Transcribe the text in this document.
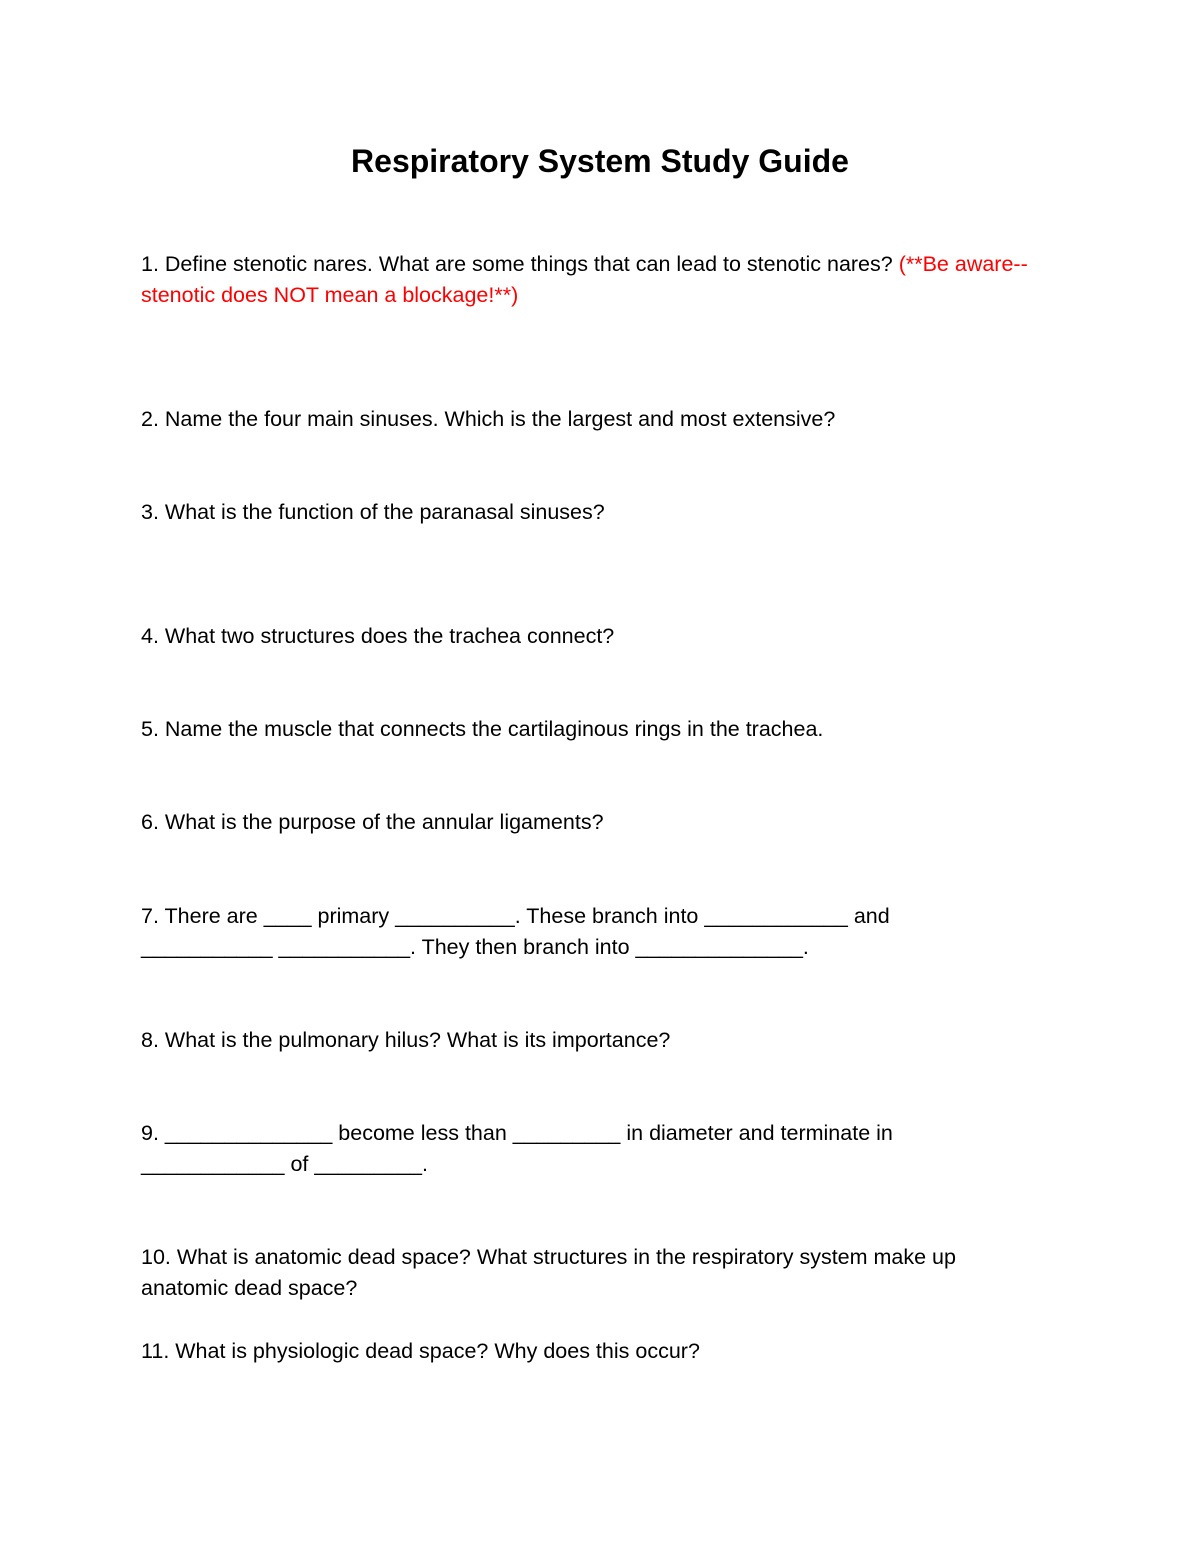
Respiratory System Study Guide

1. Define stenotic nares. What are some things that can lead to stenotic nares? (**Be aware--stenotic does NOT mean a blockage!**)

2. Name the four main sinuses. Which is the largest and most extensive?

3. What is the function of the paranasal sinuses?

4. What two structures does the trachea connect?

5. Name the muscle that connects the cartilaginous rings in the trachea.

6. What is the purpose of the annular ligaments?

7. There are ____ primary __________. These branch into ____________ and
___________ ___________. They then branch into ______________.

8. What is the pulmonary hilus? What is its importance?

9. ______________ become less than _________ in diameter and terminate in
____________ of _________.
10. What is anatomic dead space? What structures in the respiratory system make up
anatomic dead space?

11. What is physiologic dead space? Why does this occur?
